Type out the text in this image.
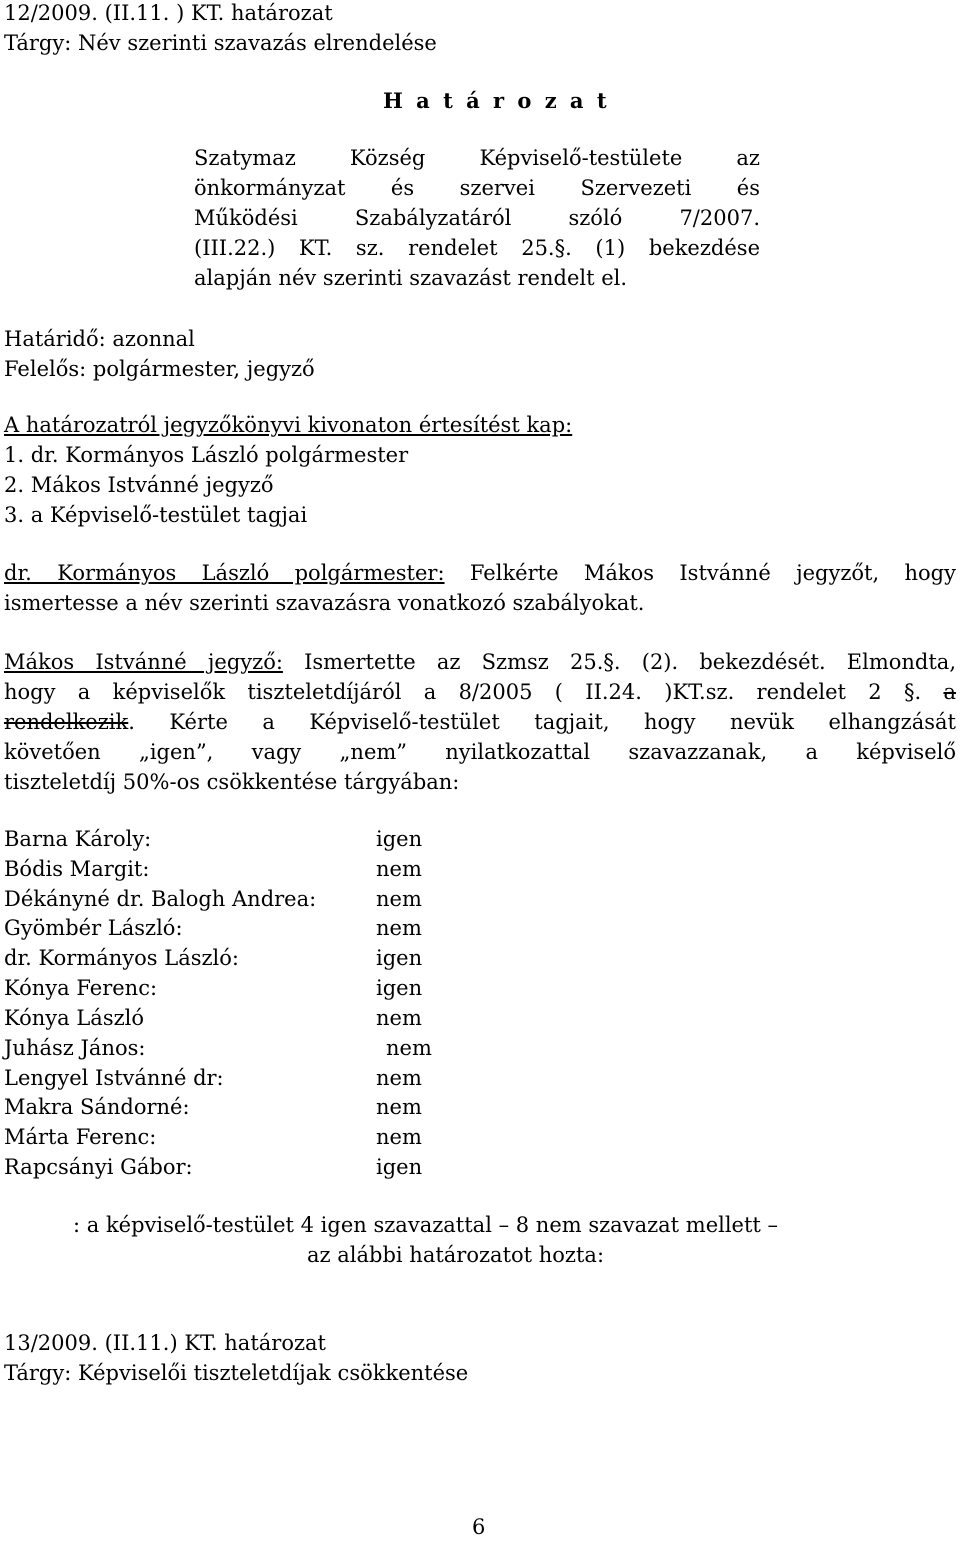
12/2009. (II.11. ) KT. határozat
Tárgy: Név szerinti szavazás elrendelése
H a t á r o z a t
Szatymaz Község Képviselő-testülete az
önkormányzat és szervei Szervezeti és
Működési Szabályzatáról szóló 7/2007.
(III.22.) KT. sz. rendelet 25.§. (1) bekezdése
alapján név szerinti szavazást rendelt el.
Határidő: azonnal
Felelős: polgármester, jegyző
A határozatról jegyzőkönyvi kivonaton értesítést kap:
1. dr. Kormányos László polgármester
2. Mákos Istvánné jegyző
3. a Képviselő-testület tagjai
dr. Kormányos László polgármester: Felkérte Mákos Istvánné jegyzőt, hogy
ismertesse a név szerinti szavazásra vonatkozó szabályokat.
Mákos Istvánné jegyző: Ismertette az Szmsz 25.§. (2). bekezdését. Elmondta,
hogy a képviselők tiszteletdíjáról a 8/2005 ( II.24. )KT.sz. rendelet 2 §. a
rendelkezik. Kérte a Képviselő-testület tagjait, hogy nevük elhangzását
követően „igen”, vagy „nem” nyilatkozattal szavazzanak, a képviselő
tiszteletdíj 50%-os csökkentése tárgyában:
Barna Károly:	igen
Bódis Margit:	nem
Dékányné dr. Balogh Andrea:	nem
Gyömbér László:	nem
dr. Kormányos László:	igen
Kónya Ferenc:	igen
Kónya László	nem
Juhász János:	nem
Lengyel Istvánné dr:	nem
Makra Sándorné:	nem
Márta Ferenc:	nem
Rapcsányi Gábor:	igen
: a képviselő-testület 4 igen szavazattal – 8 nem szavazat mellett –
az alábbi határozatot hozta:
13/2009. (II.11.) KT. határozat
Tárgy: Képviselői tiszteletdíjak csökkentése
6
